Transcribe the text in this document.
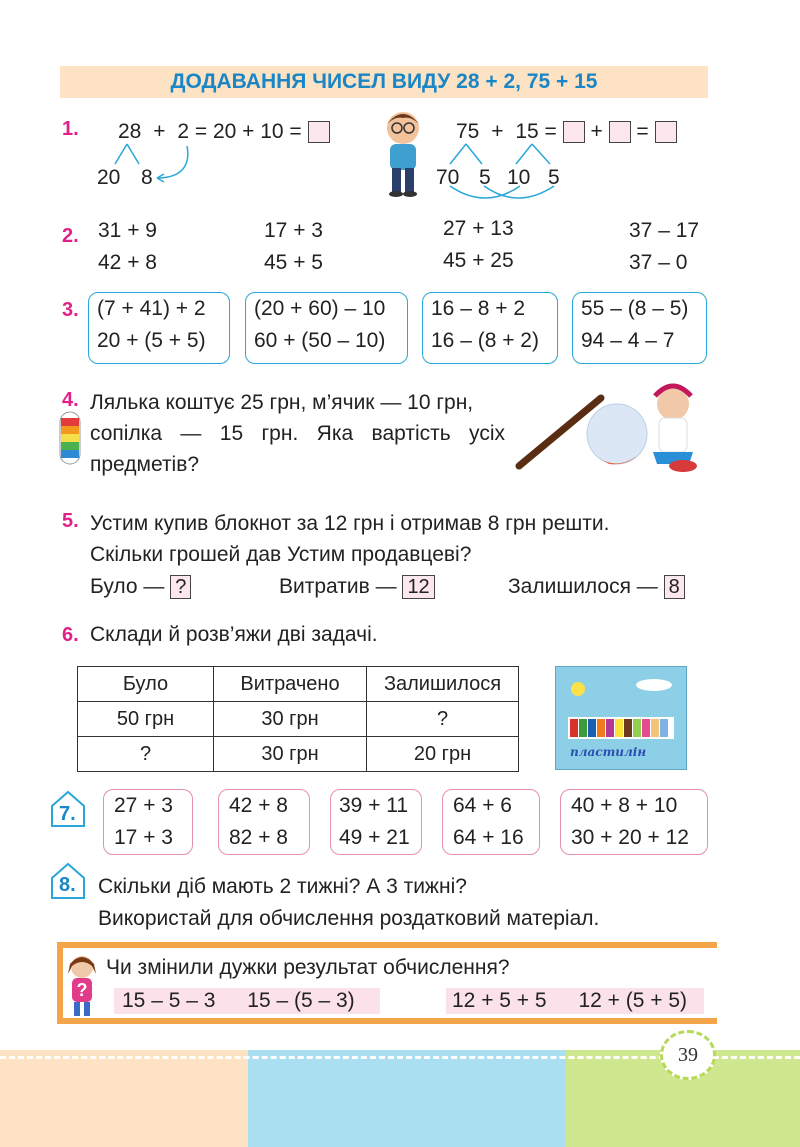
ДОДАВАННЯ ЧИСЕЛ ВИДУ 28 + 2, 75 + 15
1. 28 + 2 = 20 + 10 =
20 8
75 + 15 = + =
70 5 10 5
2. 31 + 9
42 + 8
17 + 3
45 + 5
27 + 13
45 + 25
37 – 17
37 – 0
3. (7 + 41) + 2
20 + (5 + 5)
(20 + 60) – 10
60 + (50 – 10)
16 – 8 + 2
16 – (8 + 2)
55 – (8 – 5)
94 – 4 – 7
4. Лялька коштує 25 грн, м’ячик — 10 грн,
сопілка — 15 грн. Яка вартість усіх
предметів?
5. Устим купив блокнот за 12 грн і отримав 8 грн решти.
Скільки грошей дав Устим продавцеві?
Було — ?	Витратив — 12	Залишилося — 8
6. Склади й розв’яжи дві задачі.
Було	Витрачено	Залишилося
50 грн	30 грн	?
?	30 грн	20 грн	пластилін
7. 27 + 3
17 + 3
42 + 8
82 + 8
39 + 11
49 + 21
64 + 6
64 + 16
40 + 8 + 10
30 + 20 + 12
8. Скільки діб мають 2 тижні? А 3 тижні?
Використай для обчислення роздатковий матеріал.
?
Чи змінили дужки результат обчислення?
15 – 5 – 3 15 – (5 – 3)	12 + 5 + 5 12 + (5 + 5)
39
